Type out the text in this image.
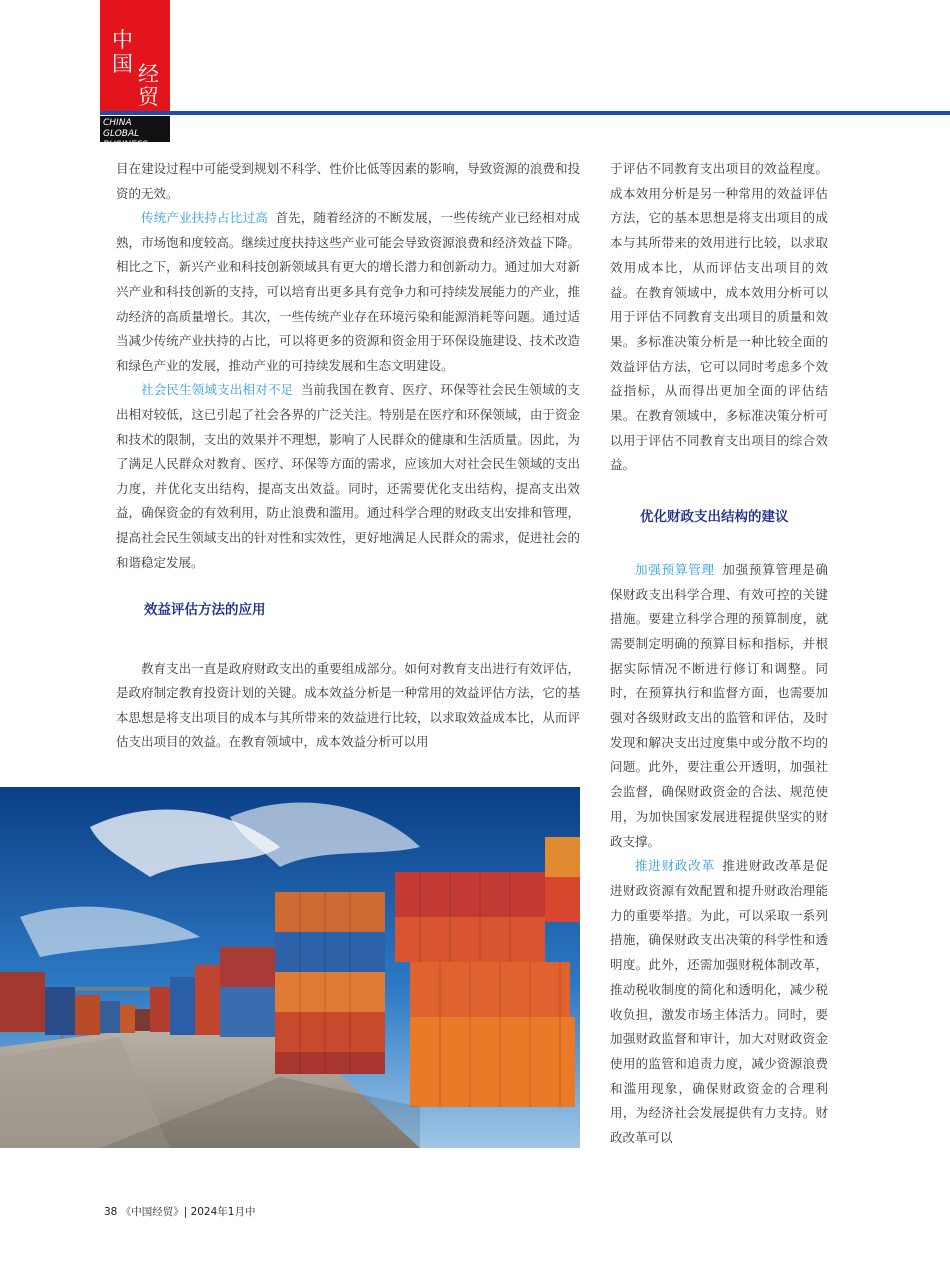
中
国 经
贸
CHINA GLOBAL
BUSINESS

目在建设过程中可能受到规划不科学、性价比低等因素的影响，导致资源的浪费和投资的无效。

传统产业扶持占比过高 首先，随着经济的不断发展，一些传统产业已经相对成熟，市场饱和度较高。继续过度扶持这些产业可能会导致资源浪费和经济效益下降。相比之下，新兴产业和科技创新领域具有更大的增长潜力和创新动力。通过加大对新兴产业和科技创新的支持，可以培育出更多具有竞争力和可持续发展能力的产业，推动经济的高质量增长。其次，一些传统产业存在环境污染和能源消耗等问题。通过适当减少传统产业扶持的占比，可以将更多的资源和资金用于环保设施建设、技术改造和绿色产业的发展，推动产业的可持续发展和生态文明建设。

社会民生领域支出相对不足 当前我国在教育、医疗、环保等社会民生领域的支出相对较低，这已引起了社会各界的广泛关注。特别是在医疗和环保领域，由于资金和技术的限制，支出的效果并不理想，影响了人民群众的健康和生活质量。因此，为了满足人民群众对教育、医疗、环保等方面的需求，应该加大对社会民生领域的支出力度，并优化支出结构，提高支出效益。同时，还需要优化支出结构，提高支出效益，确保资金的有效利用，防止浪费和滥用。通过科学合理的财政支出安排和管理，提高社会民生领域支出的针对性和实效性，更好地满足人民群众的需求，促进社会的和谐稳定发展。

效益评估方法的应用

教育支出一直是政府财政支出的重要组成部分。如何对教育支出进行有效评估，是政府制定教育投资计划的关键。成本效益分析是一种常用的效益评估方法，它的基本思想是将支出项目的成本与其所带来的效益进行比较，以求取效益成本比，从而评估支出项目的效益。在教育领域中，成本效益分析可以用

于评估不同教育支出项目的效益程度。成本效用分析是另一种常用的效益评估方法，它的基本思想是将支出项目的成本与其所带来的效用进行比较，以求取效用成本比，从而评估支出项目的效益。在教育领域中，成本效用分析可以用于评估不同教育支出项目的质量和效果。多标准决策分析是一种比较全面的效益评估方法，它可以同时考虑多个效益指标，从而得出更加全面的评估结果。在教育领域中，多标准决策分析可以用于评估不同教育支出项目的综合效益。

优化财政支出结构的建议

加强预算管理 加强预算管理是确保财政支出科学合理、有效可控的关键措施。要建立科学合理的预算制度，就需要制定明确的预算目标和指标，并根据实际情况不断进行修订和调整。同时，在预算执行和监督方面，也需要加强对各级财政支出的监管和评估，及时发现和解决支出过度集中或分散不均的问题。此外，要注重公开透明，加强社会监督，确保财政资金的合法、规范使用，为加快国家发展进程提供坚实的财政支撑。

推进财政改革 推进财政改革是促进财政资源有效配置和提升财政治理能力的重要举措。为此，可以采取一系列措施，确保财政支出决策的科学性和透明度。此外，还需加强财税体制改革，推动税收制度的简化和透明化，减少税收负担，激发市场主体活力。同时，要加强财政监督和审计，加大对财政资金使用的监管和追责力度，减少资源浪费和滥用现象，确保财政资金的合理利用，为经济社会发展提供有力支持。财政改革可以

38 《中国经贸》| 2024年1月中
